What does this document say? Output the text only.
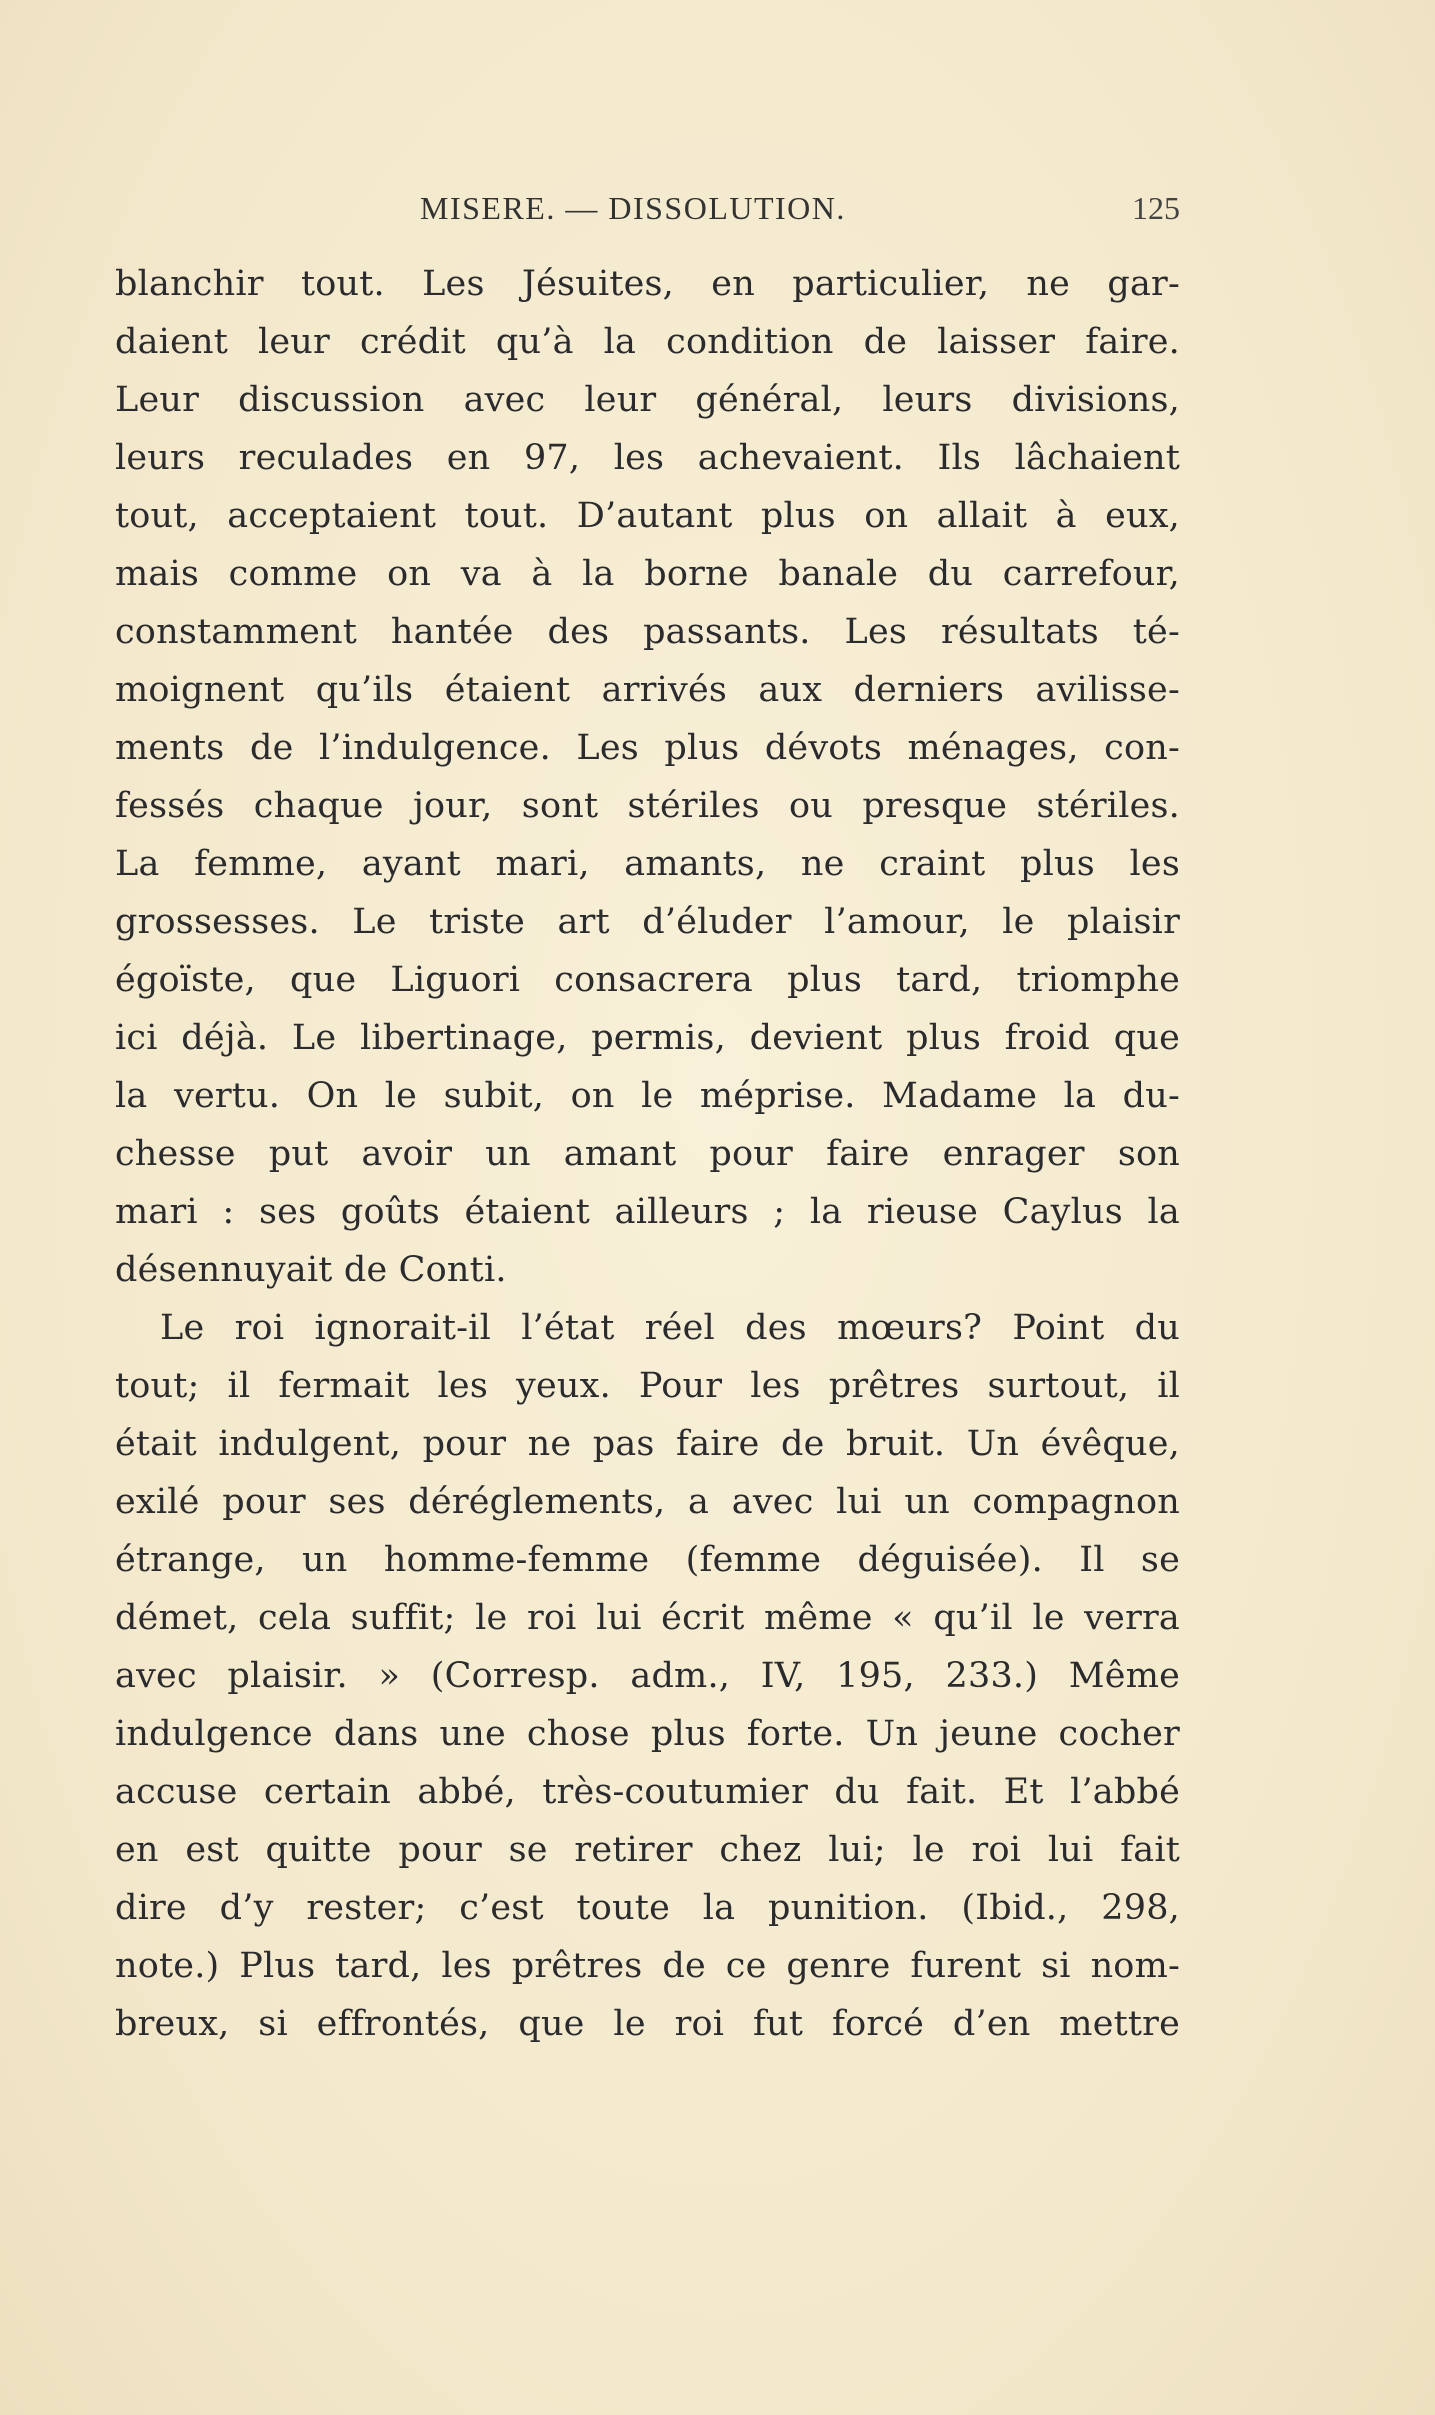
MISERE. — DISSOLUTION.	125
blanchir tout. Les Jésuites, en particulier, ne gar-
daient leur crédit qu’à la condition de laisser faire.
Leur discussion avec leur général, leurs divisions,
leurs reculades en 97, les achevaient. Ils lâchaient
tout, acceptaient tout. D’autant plus on allait à eux,
mais comme on va à la borne banale du carrefour,
constamment hantée des passants. Les résultats té-
moignent qu’ils étaient arrivés aux derniers avilisse-
ments de l’indulgence. Les plus dévots ménages, con-
fessés chaque jour, sont stériles ou presque stériles.
La femme, ayant mari, amants, ne craint plus les
grossesses. Le triste art d’éluder l’amour, le plaisir
égoïste, que Liguori consacrera plus tard, triomphe
ici déjà. Le libertinage, permis, devient plus froid que
la vertu. On le subit, on le méprise. Madame la du-
chesse put avoir un amant pour faire enrager son
mari : ses goûts étaient ailleurs ; la rieuse Caylus la
désennuyait de Conti.
Le roi ignorait-il l’état réel des mœurs? Point du
tout; il fermait les yeux. Pour les prêtres surtout, il
était indulgent, pour ne pas faire de bruit. Un évêque,
exilé pour ses déréglements, a avec lui un compagnon
étrange, un homme-femme (femme déguisée). Il se
démet, cela suffit; le roi lui écrit même « qu’il le verra
avec plaisir. » (Corresp. adm., IV, 195, 233.) Même
indulgence dans une chose plus forte. Un jeune cocher
accuse certain abbé, très-coutumier du fait. Et l’abbé
en est quitte pour se retirer chez lui; le roi lui fait
dire d’y rester; c’est toute la punition. (Ibid., 298,
note.) Plus tard, les prêtres de ce genre furent si nom-
breux, si effrontés, que le roi fut forcé d’en mettre
